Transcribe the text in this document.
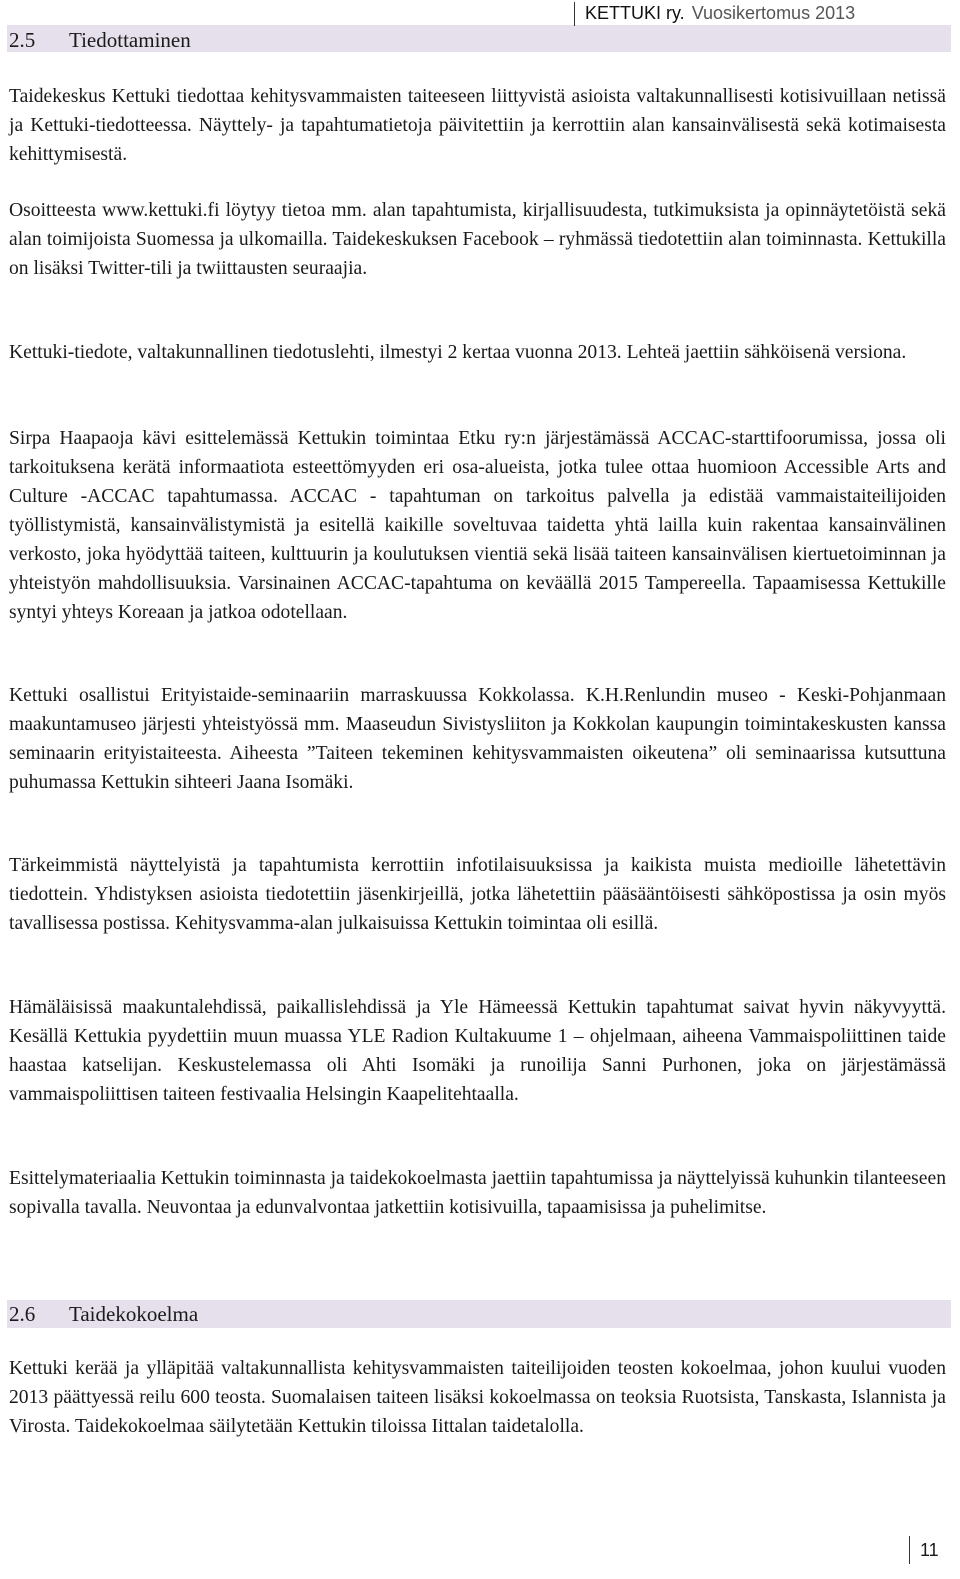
2.5 Tiedottaminen
KETTUKI ry. Vuosikertomus 2013

Taidekeskus Kettuki tiedottaa kehitysvammaisten taiteeseen liittyvistä asioista valtakunnallisesti kotisivuillaan netissä ja Kettuki-tiedotteessa. Näyttely- ja tapahtumatietoja päivitettiin ja kerrottiin alan kansainvälisestä sekä kotimaisesta kehittymisestä.

Osoitteesta www.kettuki.fi löytyy tietoa mm. alan tapahtumista, kirjallisuudesta, tutkimuksista ja opinnäytetöistä sekä alan toimijoista Suomessa ja ulkomailla. Taidekeskuksen Facebook – ryhmässä tiedotettiin alan toiminnasta. Kettukilla on lisäksi Twitter-tili ja twiittausten seuraajia.

Kettuki-tiedote, valtakunnallinen tiedotuslehti, ilmestyi 2 kertaa vuonna 2013. Lehteä jaettiin sähköisenä versiona.

Sirpa Haapaoja kävi esittelemässä Kettukin toimintaa Etku ry:n järjestämässä ACCAC-starttifoorumissa, jossa oli tarkoituksena kerätä informaatiota esteettömyyden eri osa-alueista, jotka tulee ottaa huomioon Accessible Arts and Culture -ACCAC tapahtumassa. ACCAC - tapahtuman on tarkoitus palvella ja edistää vammaistaiteilijoiden työllistymistä, kansainvälistymistä ja esitellä kaikille soveltuvaa taidetta yhtä lailla kuin rakentaa kansainvälinen verkosto, joka hyödyttää taiteen, kulttuurin ja koulutuksen vientiä sekä lisää taiteen kansainvälisen kiertuetoiminnan ja yhteistyön mahdollisuuksia. Varsinainen ACCAC-tapahtuma on keväällä 2015 Tampereella. Tapaamisessa Kettukille syntyi yhteys Koreaan ja jatkoa odotellaan.

Kettuki osallistui Erityistaide-seminaariin marraskuussa Kokkolassa. K.H.Renlundin museo - Keski-Pohjanmaan maakuntamuseo järjesti yhteistyössä mm. Maaseudun Sivistysliiton ja Kokkolan kaupungin toimintakeskusten kanssa seminaarin erityistaiteesta. Aiheesta ”Taiteen tekeminen kehitysvammaisten oikeutena” oli seminaarissa kutsuttuna puhumassa Kettukin sihteeri Jaana Isomäki.

Tärkeimmistä näyttelyistä ja tapahtumista kerrottiin infotilaisuuksissa ja kaikista muista medioille lähetettävin tiedottein. Yhdistyksen asioista tiedotettiin jäsenkirjeillä, jotka lähetettiin pääsääntöisesti sähköpostissa ja osin myös tavallisessa postissa. Kehitysvamma-alan julkaisuissa Kettukin toimintaa oli esillä.

Hämäläisissä maakuntalehdissä, paikallislehdissä ja Yle Hämeessä Kettukin tapahtumat saivat hyvin näkyvyyttä. Kesällä Kettukia pyydettiin muun muassa YLE Radion Kultakuume 1 – ohjelmaan, aiheena Vammaispoliittinen taide haastaa katselijan. Keskustelemassa oli Ahti Isomäki ja runoilija Sanni Purhonen, joka on järjestämässä vammaispoliittisen taiteen festivaalia Helsingin Kaapelitehtaalla.

Esittelymateriaalia Kettukin toiminnasta ja taidekokoelmasta jaettiin tapahtumissa ja näyttelyissä kuhunkin tilanteeseen sopivalla tavalla. Neuvontaa ja edunvalvontaa jatkettiin kotisivuilla, tapaamisissa ja puhelimitse.

2.6 Taidekokoelma

Kettuki kerää ja ylläpitää valtakunnallista kehitysvammaisten taiteilijoiden teosten kokoelmaa, johon kuului vuoden 2013 päättyessä reilu 600 teosta. Suomalaisen taiteen lisäksi kokoelmassa on teoksia Ruotsista, Tanskasta, Islannista ja Virosta. Taidekokoelmaa säilytetään Kettukin tiloissa Iittalan taidetalolla.

11
